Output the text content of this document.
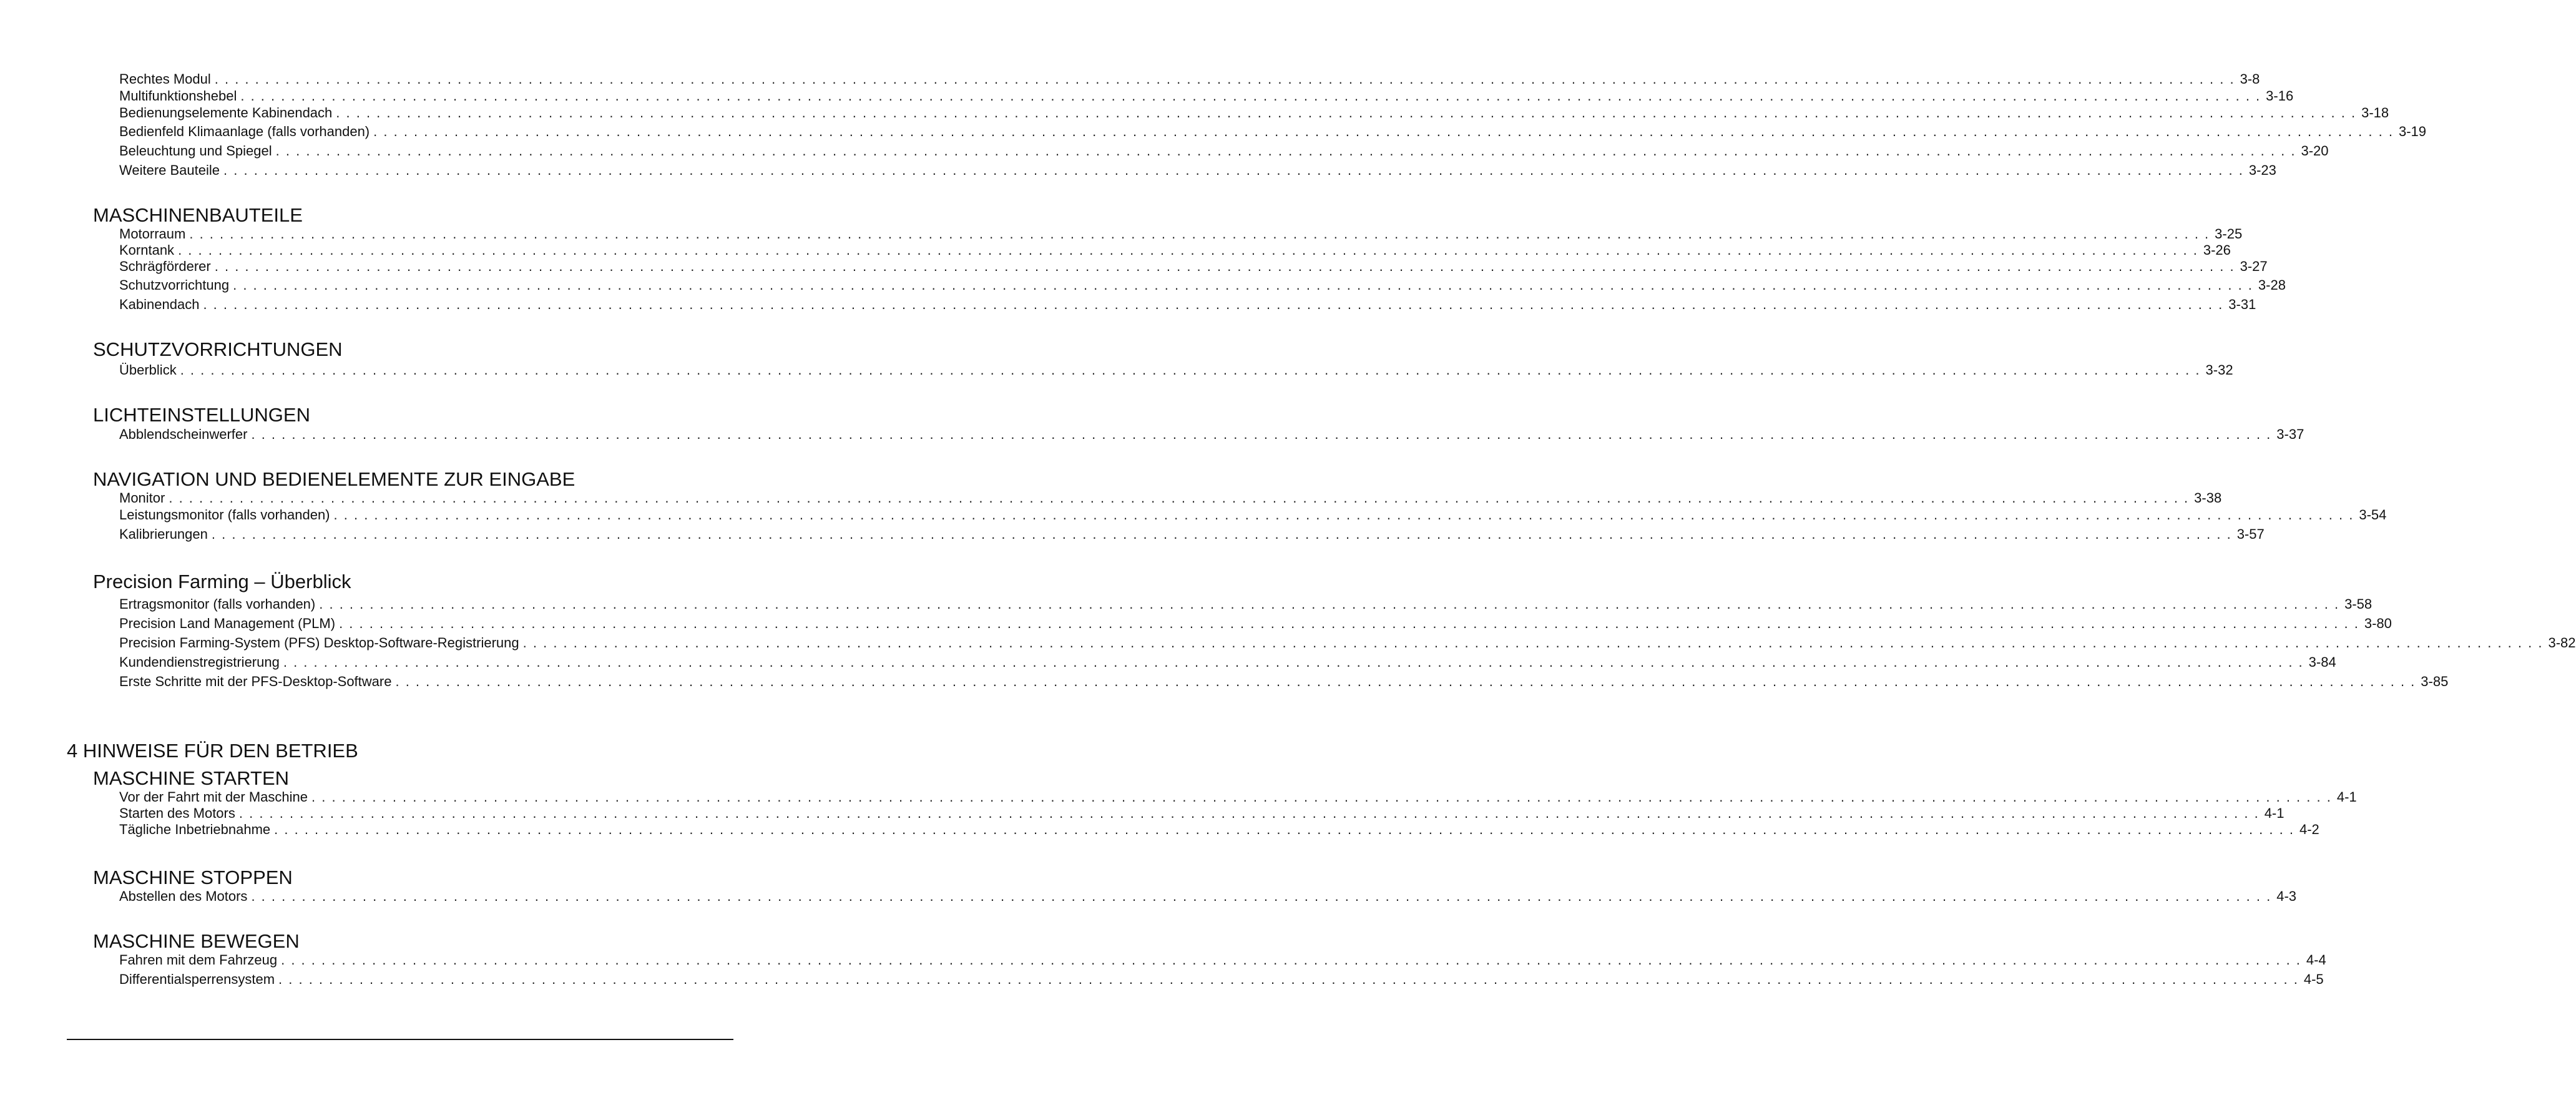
Rechtes Modul . . . . . . . . . . . . . . . . . . . . . . . . . . . . . . . . . . . . . . . . . . . . . . . . . . . . . . . . . . . . . . . . . . . . . . . . . . . . . . . . . . . . . . . . . . . . . . . . . . . . . . . . . . . . . . . . . . . . . . . . . . . . . . . . . . . . . . . . . . . . . . . . . . . . . . . . . . . . . . . . . . . . . . . . . . . . . . . . . . . . . . . . . . . . . . . . . . . . . . . . 3-8
Multifunktionshebel . . . . . . . . . . . . . . . . . . . . . . . . . . . . . . . . . . . . . . . . . . . . . . . . . . . . . . . . . . . . . . . . . . . . . . . . . . . . . . . . . . . . . . . . . . . . . . . . . . . . . . . . . . . . . . . . . . . . . . . . . . . . . . . . . . . . . . . . . . . . . . . . . . . . . . . . . . . . . . . . . . . . . . . . . . . . . . . . . . . . . . . . . . . . . . . . . . . . . . . . 3-16
Bedienungselemente Kabinendach . . . . . . . . . . . . . . . . . . . . . . . . . . . . . . . . . . . . . . . . . . . . . . . . . . . . . . . . . . . . . . . . . . . . . . . . . . . . . . . . . . . . . . . . . . . . . . . . . . . . . . . . . . . . . . . . . . . . . . . . . . . . . . . . . . . . . . . . . . . . . . . . . . . . . . . . . . . . . . . . . . . . . . . . . . . . . . . . . . . . . . . . . . . . . . . . . . . . . . . . 3-18
Bedienfeld Klimaanlage (falls vorhanden) . . . . . . . . . . . . . . . . . . . . . . . . . . . . . . . . . . . . . . . . . . . . . . . . . . . . . . . . . . . . . . . . . . . . . . . . . . . . . . . . . . . . . . . . . . . . . . . . . . . . . . . . . . . . . . . . . . . . . . . . . . . . . . . . . . . . . . . . . . . . . . . . . . . . . . . . . . . . . . . . . . . . . . . . . . . . . . . . . . . . . . . . . . . . . . . . . . . . . . . . 3-19
Beleuchtung und Spiegel . . . . . . . . . . . . . . . . . . . . . . . . . . . . . . . . . . . . . . . . . . . . . . . . . . . . . . . . . . . . . . . . . . . . . . . . . . . . . . . . . . . . . . . . . . . . . . . . . . . . . . . . . . . . . . . . . . . . . . . . . . . . . . . . . . . . . . . . . . . . . . . . . . . . . . . . . . . . . . . . . . . . . . . . . . . . . . . . . . . . . . . . . . . . . . . . . . . . . . . . 3-20
Weitere Bauteile . . . . . . . . . . . . . . . . . . . . . . . . . . . . . . . . . . . . . . . . . . . . . . . . . . . . . . . . . . . . . . . . . . . . . . . . . . . . . . . . . . . . . . . . . . . . . . . . . . . . . . . . . . . . . . . . . . . . . . . . . . . . . . . . . . . . . . . . . . . . . . . . . . . . . . . . . . . . . . . . . . . . . . . . . . . . . . . . . . . . . . . . . . . . . . . . . . . . . . . . 3-23
MASCHINENBAUTEILE
Motorraum . . . . . . . . . . . . . . . . . . . . . . . . . . . . . . . . . . . . . . . . . . . . . . . . . . . . . . . . . . . . . . . . . . . . . . . . . . . . . . . . . . . . . . . . . . . . . . . . . . . . . . . . . . . . . . . . . . . . . . . . . . . . . . . . . . . . . . . . . . . . . . . . . . . . . . . . . . . . . . . . . . . . . . . . . . . . . . . . . . . . . . . . . . . . . . . . . . . . . . . . 3-25
Korntank . . . . . . . . . . . . . . . . . . . . . . . . . . . . . . . . . . . . . . . . . . . . . . . . . . . . . . . . . . . . . . . . . . . . . . . . . . . . . . . . . . . . . . . . . . . . . . . . . . . . . . . . . . . . . . . . . . . . . . . . . . . . . . . . . . . . . . . . . . . . . . . . . . . . . . . . . . . . . . . . . . . . . . . . . . . . . . . . . . . . . . . . . . . . . . . . . . . . . . . . 3-26
Schrägförderer . . . . . . . . . . . . . . . . . . . . . . . . . . . . . . . . . . . . . . . . . . . . . . . . . . . . . . . . . . . . . . . . . . . . . . . . . . . . . . . . . . . . . . . . . . . . . . . . . . . . . . . . . . . . . . . . . . . . . . . . . . . . . . . . . . . . . . . . . . . . . . . . . . . . . . . . . . . . . . . . . . . . . . . . . . . . . . . . . . . . . . . . . . . . . . . . . . . . . . . . 3-27
Schutzvorrichtung . . . . . . . . . . . . . . . . . . . . . . . . . . . . . . . . . . . . . . . . . . . . . . . . . . . . . . . . . . . . . . . . . . . . . . . . . . . . . . . . . . . . . . . . . . . . . . . . . . . . . . . . . . . . . . . . . . . . . . . . . . . . . . . . . . . . . . . . . . . . . . . . . . . . . . . . . . . . . . . . . . . . . . . . . . . . . . . . . . . . . . . . . . . . . . . . . . . . . . . . 3-28
Kabinendach . . . . . . . . . . . . . . . . . . . . . . . . . . . . . . . . . . . . . . . . . . . . . . . . . . . . . . . . . . . . . . . . . . . . . . . . . . . . . . . . . . . . . . . . . . . . . . . . . . . . . . . . . . . . . . . . . . . . . . . . . . . . . . . . . . . . . . . . . . . . . . . . . . . . . . . . . . . . . . . . . . . . . . . . . . . . . . . . . . . . . . . . . . . . . . . . . . . . . . . . 3-31
SCHUTZVORRICHTUNGEN
Überblick . . . . . . . . . . . . . . . . . . . . . . . . . . . . . . . . . . . . . . . . . . . . . . . . . . . . . . . . . . . . . . . . . . . . . . . . . . . . . . . . . . . . . . . . . . . . . . . . . . . . . . . . . . . . . . . . . . . . . . . . . . . . . . . . . . . . . . . . . . . . . . . . . . . . . . . . . . . . . . . . . . . . . . . . . . . . . . . . . . . . . . . . . . . . . . . . . . . . . . . . 3-32
LICHTEINSTELLUNGEN
Abblendscheinwerfer . . . . . . . . . . . . . . . . . . . . . . . . . . . . . . . . . . . . . . . . . . . . . . . . . . . . . . . . . . . . . . . . . . . . . . . . . . . . . . . . . . . . . . . . . . . . . . . . . . . . . . . . . . . . . . . . . . . . . . . . . . . . . . . . . . . . . . . . . . . . . . . . . . . . . . . . . . . . . . . . . . . . . . . . . . . . . . . . . . . . . . . . . . . . . . . . . . . . . . . . 3-37
NAVIGATION UND BEDIENELEMENTE ZUR EINGABE
Monitor . . . . . . . . . . . . . . . . . . . . . . . . . . . . . . . . . . . . . . . . . . . . . . . . . . . . . . . . . . . . . . . . . . . . . . . . . . . . . . . . . . . . . . . . . . . . . . . . . . . . . . . . . . . . . . . . . . . . . . . . . . . . . . . . . . . . . . . . . . . . . . . . . . . . . . . . . . . . . . . . . . . . . . . . . . . . . . . . . . . . . . . . . . . . . . . . . . . . . . . . 3-38
Leistungsmonitor (falls vorhanden) . . . . . . . . . . . . . . . . . . . . . . . . . . . . . . . . . . . . . . . . . . . . . . . . . . . . . . . . . . . . . . . . . . . . . . . . . . . . . . . . . . . . . . . . . . . . . . . . . . . . . . . . . . . . . . . . . . . . . . . . . . . . . . . . . . . . . . . . . . . . . . . . . . . . . . . . . . . . . . . . . . . . . . . . . . . . . . . . . . . . . . . . . . . . . . . . . . . . . . . . 3-54
Kalibrierungen . . . . . . . . . . . . . . . . . . . . . . . . . . . . . . . . . . . . . . . . . . . . . . . . . . . . . . . . . . . . . . . . . . . . . . . . . . . . . . . . . . . . . . . . . . . . . . . . . . . . . . . . . . . . . . . . . . . . . . . . . . . . . . . . . . . . . . . . . . . . . . . . . . . . . . . . . . . . . . . . . . . . . . . . . . . . . . . . . . . . . . . . . . . . . . . . . . . . . . . . 3-57
Precision Farming – Überblick
Ertragsmonitor (falls vorhanden) . . . . . . . . . . . . . . . . . . . . . . . . . . . . . . . . . . . . . . . . . . . . . . . . . . . . . . . . . . . . . . . . . . . . . . . . . . . . . . . . . . . . . . . . . . . . . . . . . . . . . . . . . . . . . . . . . . . . . . . . . . . . . . . . . . . . . . . . . . . . . . . . . . . . . . . . . . . . . . . . . . . . . . . . . . . . . . . . . . . . . . . . . . . . . . . . . . . . . . . . 3-58
Precision Land Management (PLM) . . . . . . . . . . . . . . . . . . . . . . . . . . . . . . . . . . . . . . . . . . . . . . . . . . . . . . . . . . . . . . . . . . . . . . . . . . . . . . . . . . . . . . . . . . . . . . . . . . . . . . . . . . . . . . . . . . . . . . . . . . . . . . . . . . . . . . . . . . . . . . . . . . . . . . . . . . . . . . . . . . . . . . . . . . . . . . . . . . . . . . . . . . . . . . . . . . . . . . . . 3-80
Precision Farming-System (PFS) Desktop-Software-Registrierung . . . . . . . . . . . . . . . . . . . . . . . . . . . . . . . . . . . . . . . . . . . . . . . . . . . . . . . . . . . . . . . . . . . . . . . . . . . . . . . . . . . . . . . . . . . . . . . . . . . . . . . . . . . . . . . . . . . . . . . . . . . . . . . . . . . . . . . . . . . . . . . . . . . . . . . . . . . . . . . . . . . . . . . . . . . . . . . . . . . . . . . . . . . . . . . . . . . . . . . . 3-82
Kundendienstregistrierung . . . . . . . . . . . . . . . . . . . . . . . . . . . . . . . . . . . . . . . . . . . . . . . . . . . . . . . . . . . . . . . . . . . . . . . . . . . . . . . . . . . . . . . . . . . . . . . . . . . . . . . . . . . . . . . . . . . . . . . . . . . . . . . . . . . . . . . . . . . . . . . . . . . . . . . . . . . . . . . . . . . . . . . . . . . . . . . . . . . . . . . . . . . . . . . . . . . . . . . . 3-84
Erste Schritte mit der PFS-Desktop-Software . . . . . . . . . . . . . . . . . . . . . . . . . . . . . . . . . . . . . . . . . . . . . . . . . . . . . . . . . . . . . . . . . . . . . . . . . . . . . . . . . . . . . . . . . . . . . . . . . . . . . . . . . . . . . . . . . . . . . . . . . . . . . . . . . . . . . . . . . . . . . . . . . . . . . . . . . . . . . . . . . . . . . . . . . . . . . . . . . . . . . . . . . . . . . . . . . . . . . . . . 3-85
4 HINWEISE FÜR DEN BETRIEB
MASCHINE STARTEN
Vor der Fahrt mit der Maschine . . . . . . . . . . . . . . . . . . . . . . . . . . . . . . . . . . . . . . . . . . . . . . . . . . . . . . . . . . . . . . . . . . . . . . . . . . . . . . . . . . . . . . . . . . . . . . . . . . . . . . . . . . . . . . . . . . . . . . . . . . . . . . . . . . . . . . . . . . . . . . . . . . . . . . . . . . . . . . . . . . . . . . . . . . . . . . . . . . . . . . . . . . . . . . . . . . . . . . . . 4-1
Starten des Motors . . . . . . . . . . . . . . . . . . . . . . . . . . . . . . . . . . . . . . . . . . . . . . . . . . . . . . . . . . . . . . . . . . . . . . . . . . . . . . . . . . . . . . . . . . . . . . . . . . . . . . . . . . . . . . . . . . . . . . . . . . . . . . . . . . . . . . . . . . . . . . . . . . . . . . . . . . . . . . . . . . . . . . . . . . . . . . . . . . . . . . . . . . . . . . . . . . . . . . . . 4-1
Tägliche Inbetriebnahme . . . . . . . . . . . . . . . . . . . . . . . . . . . . . . . . . . . . . . . . . . . . . . . . . . . . . . . . . . . . . . . . . . . . . . . . . . . . . . . . . . . . . . . . . . . . . . . . . . . . . . . . . . . . . . . . . . . . . . . . . . . . . . . . . . . . . . . . . . . . . . . . . . . . . . . . . . . . . . . . . . . . . . . . . . . . . . . . . . . . . . . . . . . . . . . . . . . . . . . . 4-2
MASCHINE STOPPEN
Abstellen des Motors . . . . . . . . . . . . . . . . . . . . . . . . . . . . . . . . . . . . . . . . . . . . . . . . . . . . . . . . . . . . . . . . . . . . . . . . . . . . . . . . . . . . . . . . . . . . . . . . . . . . . . . . . . . . . . . . . . . . . . . . . . . . . . . . . . . . . . . . . . . . . . . . . . . . . . . . . . . . . . . . . . . . . . . . . . . . . . . . . . . . . . . . . . . . . . . . . . . . . . . . 4-3
MASCHINE BEWEGEN
Fahren mit dem Fahrzeug . . . . . . . . . . . . . . . . . . . . . . . . . . . . . . . . . . . . . . . . . . . . . . . . . . . . . . . . . . . . . . . . . . . . . . . . . . . . . . . . . . . . . . . . . . . . . . . . . . . . . . . . . . . . . . . . . . . . . . . . . . . . . . . . . . . . . . . . . . . . . . . . . . . . . . . . . . . . . . . . . . . . . . . . . . . . . . . . . . . . . . . . . . . . . . . . . . . . . . . . 4-4
Differentialsperrensystem . . . . . . . . . . . . . . . . . . . . . . . . . . . . . . . . . . . . . . . . . . . . . . . . . . . . . . . . . . . . . . . . . . . . . . . . . . . . . . . . . . . . . . . . . . . . . . . . . . . . . . . . . . . . . . . . . . . . . . . . . . . . . . . . . . . . . . . . . . . . . . . . . . . . . . . . . . . . . . . . . . . . . . . . . . . . . . . . . . . . . . . . . . . . . . . . . . . . . . . . 4-5
